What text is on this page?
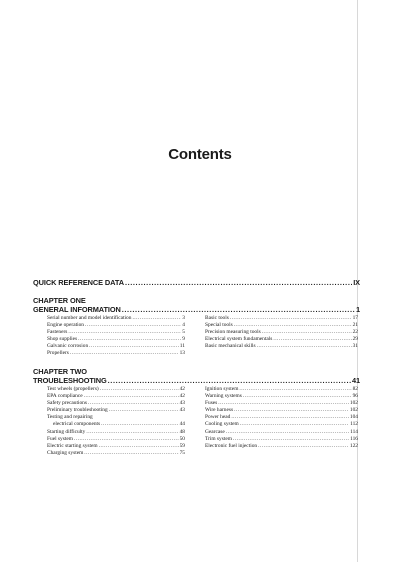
Contents
QUICK REFERENCE DATA .....	IX
CHAPTER ONE
GENERAL INFORMATION .....	1
Serial number and model identification .....	3
Engine operation .....	4
Fasteners .....	5
Shop supplies .....	9
Galvanic corrosion .....	11
Propellers .....	13
Basic tools .....	17
Special tools .....	21
Precision measuring tools .....	22
Electrical system fundamentals .....	29
Basic mechanical skills .....	31
CHAPTER TWO
TROUBLESHOOTING .....	41
Test wheels (propellers) .....	42
EPA compliance .....	42
Safety precautions .....	43
Preliminary troubleshooting .....	43
Testing and repairing
electrical components .....	44
Starting difficulty .....	48
Fuel system .....	50
Electric starting system .....	59
Charging system .....	75
Ignition system .....	82
Warning systems .....	96
Fuses .....	102
Wire harness .....	102
Power head .....	104
Cooling system .....	112
Gearcase .....	114
Trim system .....	116
Electronic fuel injection .....	122
